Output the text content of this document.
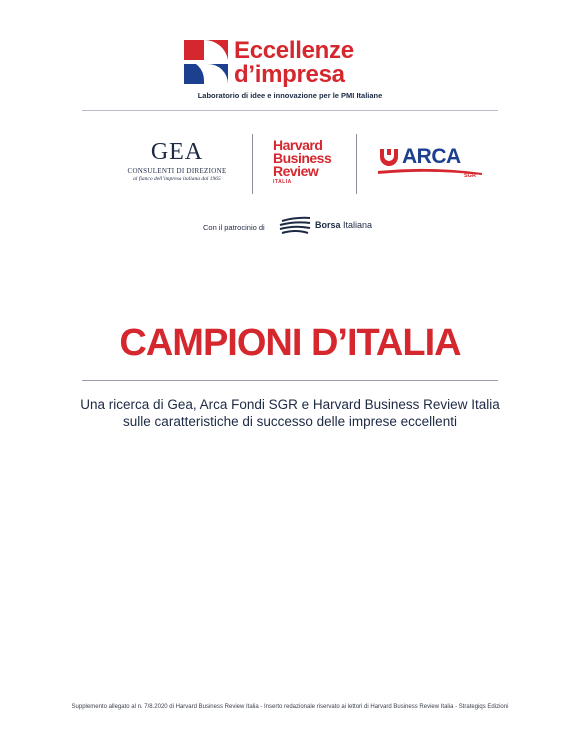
Eccellenze
d’impresa
Laboratorio di idee e innovazione per le PMI Italiane
GEA
CONSULENTI DI DIREZIONE
al fianco dell’impresa italiana dal 1965
Harvard
Business
Review
ITALIA
ARCA
SGR
Con il patrocinio di	Borsa Italiana
CAMPIONI D’ITALIA
Una ricerca di Gea, Arca Fondi SGR e Harvard Business Review Italia
sulle caratteristiche di successo delle imprese eccellenti
Supplemento allegato al n. 7/8.2020 di Harvard Business Review Italia - Inserto redazionale riservato ai lettori di Harvard Business Review Italia - Strategiqs Edizioni
